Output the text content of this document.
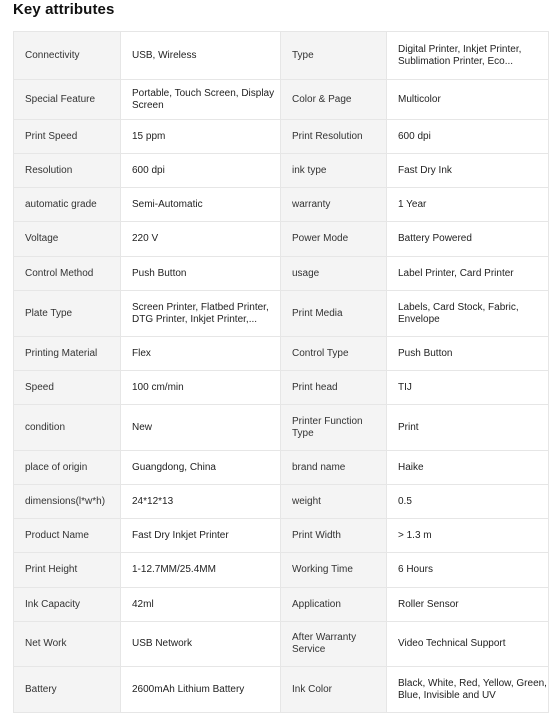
Key attributes
Connectivity	USB, Wireless	Type	Digital Printer, Inkjet Printer, Sublimation Printer, Eco...
Special Feature	Portable, Touch Screen, Display Screen	Color & Page	Multicolor
Print Speed	15 ppm	Print Resolution	600 dpi
Resolution	600 dpi	ink type	Fast Dry Ink
automatic grade	Semi-Automatic	warranty	1 Year
Voltage	220 V	Power Mode	Battery Powered
Control Method	Push Button	usage	Label Printer, Card Printer
Plate Type	Screen Printer, Flatbed Printer, DTG Printer, Inkjet Printer,...	Print Media	Labels, Card Stock, Fabric, Envelope
Printing Material	Flex	Control Type	Push Button
Speed	100 cm/min	Print head	TIJ
condition	New	Printer Function Type	Print
place of origin	Guangdong, China	brand name	Haike
dimensions(l*w*h)	24*12*13	weight	0.5
Product Name	Fast Dry Inkjet Printer	Print Width	> 1.3 m
Print Height	1-12.7MM/25.4MM	Working Time	6 Hours
Ink Capacity	42ml	Application	Roller Sensor
Net Work	USB Network	After Warranty Service	Video Technical Support
Battery	2600mAh Lithium Battery	Ink Color	Black, White, Red, Yellow, Green, Blue, Invisible and UV
